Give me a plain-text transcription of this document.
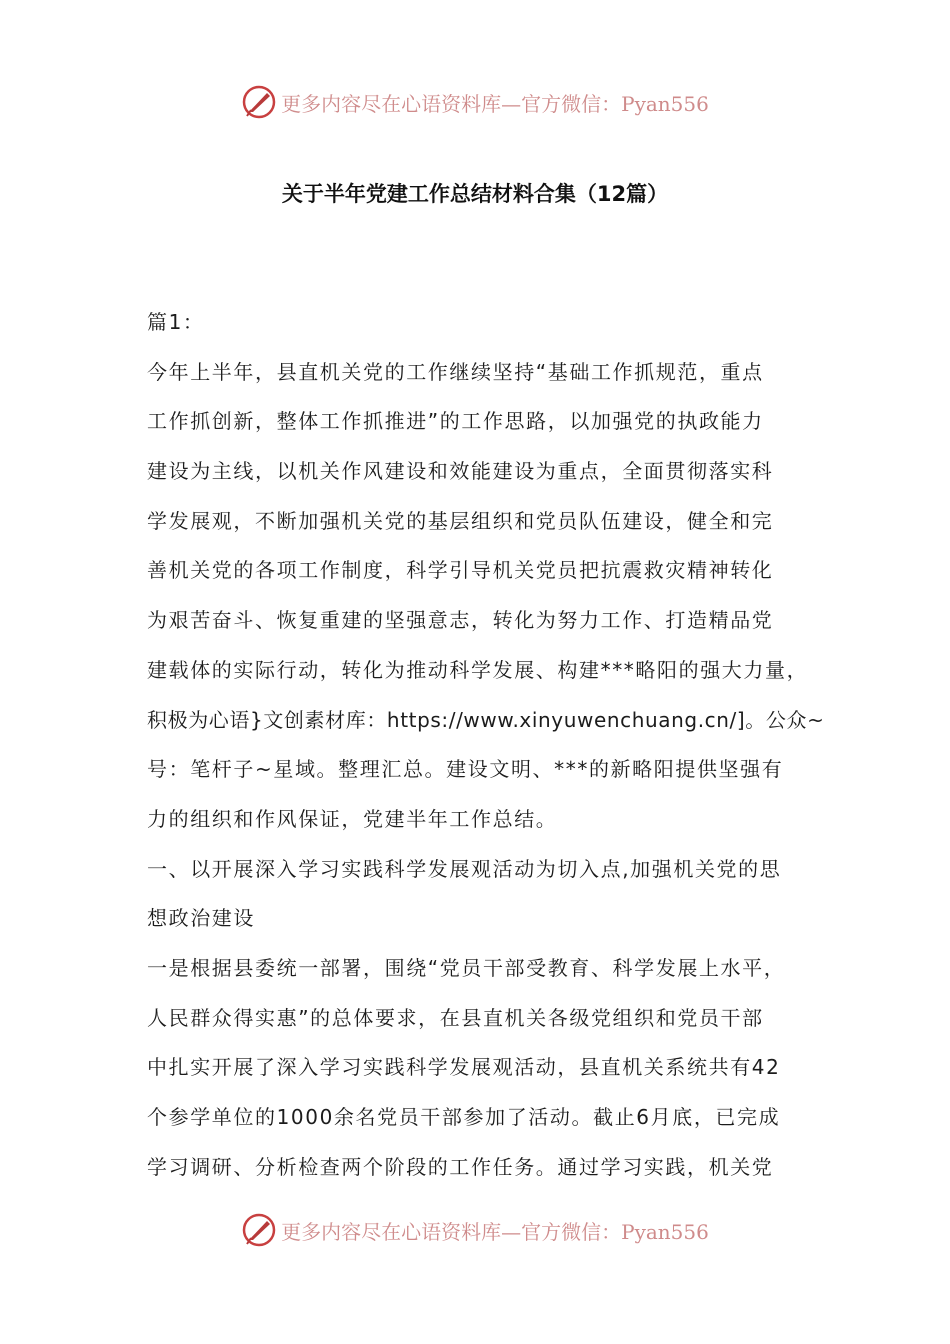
更多内容尽在心语资料库—官方微信：Pyan556
关于半年党建工作总结材料合集（12篇）
篇1：
今年上半年，县直机关党的工作继续坚持“基础工作抓规范，重点
工作抓创新，整体工作抓推进”的工作思路，以加强党的执政能力
建设为主线，以机关作风建设和效能建设为重点，全面贯彻落实科
学发展观，不断加强机关党的基层组织和党员队伍建设，健全和完
善机关党的各项工作制度，科学引导机关党员把抗震救灾精神转化
为艰苦奋斗、恢复重建的坚强意志，转化为努力工作、打造精品党
建载体的实际行动，转化为推动科学发展、构建***略阳的强大力量，
积极为心语}文创素材库：https://www.xinyuwenchuang.cn/]。公众~
号：笔杆子~星域。整理汇总。建设文明、***的新略阳提供坚强有
力的组织和作风保证，党建半年工作总结。
一、以开展深入学习实践科学发展观活动为切入点,加强机关党的思
想政治建设
一是根据县委统一部署，围绕“党员干部受教育、科学发展上水平，
人民群众得实惠”的总体要求，在县直机关各级党组织和党员干部
中扎实开展了深入学习实践科学发展观活动，县直机关系统共有42
个参学单位的1000余名党员干部参加了活动。截止6月底，已完成
学习调研、分析检查两个阶段的工作任务。通过学习实践，机关党
更多内容尽在心语资料库—官方微信：Pyan556
